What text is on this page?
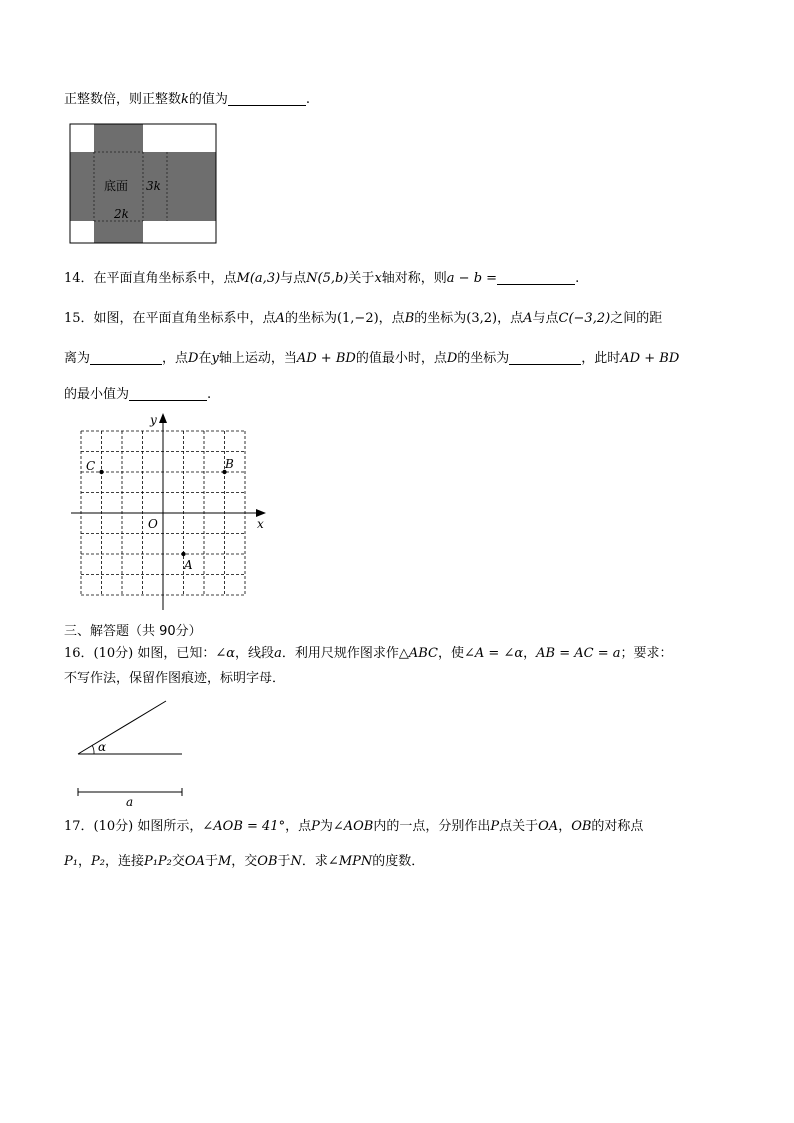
正整数倍，则正整数k的值为	.
底面 3k
2k
14．在平面直角坐标系中，点M(a,3)与点N(5,b)关于x轴对称，则a − b =	.
15．如图，在平面直角坐标系中，点A的坐标为(1,−2)，点B的坐标为(3,2)，点A与点C(−3,2)之间的距
离为	，点D在y轴上运动，当AD + BD的值最小时，点D的坐标为	，此时AD + BD
的最小值为	.
y
x
O
C	B
A
三、解答题（共 90分）
16．(10分) 如图，已知：∠α，线段a．利用尺规作图求作△ABC，使∠A = ∠α，AB = AC = a；要求：
不写作法，保留作图痕迹，标明字母．
α
a
17．(10分) 如图所示，∠AOB = 41°，点P为∠AOB内的一点，分别作出P点关于OA，OB的对称点
P₁，P₂，连接P₁P₂交OA于M，交OB于N．求∠MPN的度数．
